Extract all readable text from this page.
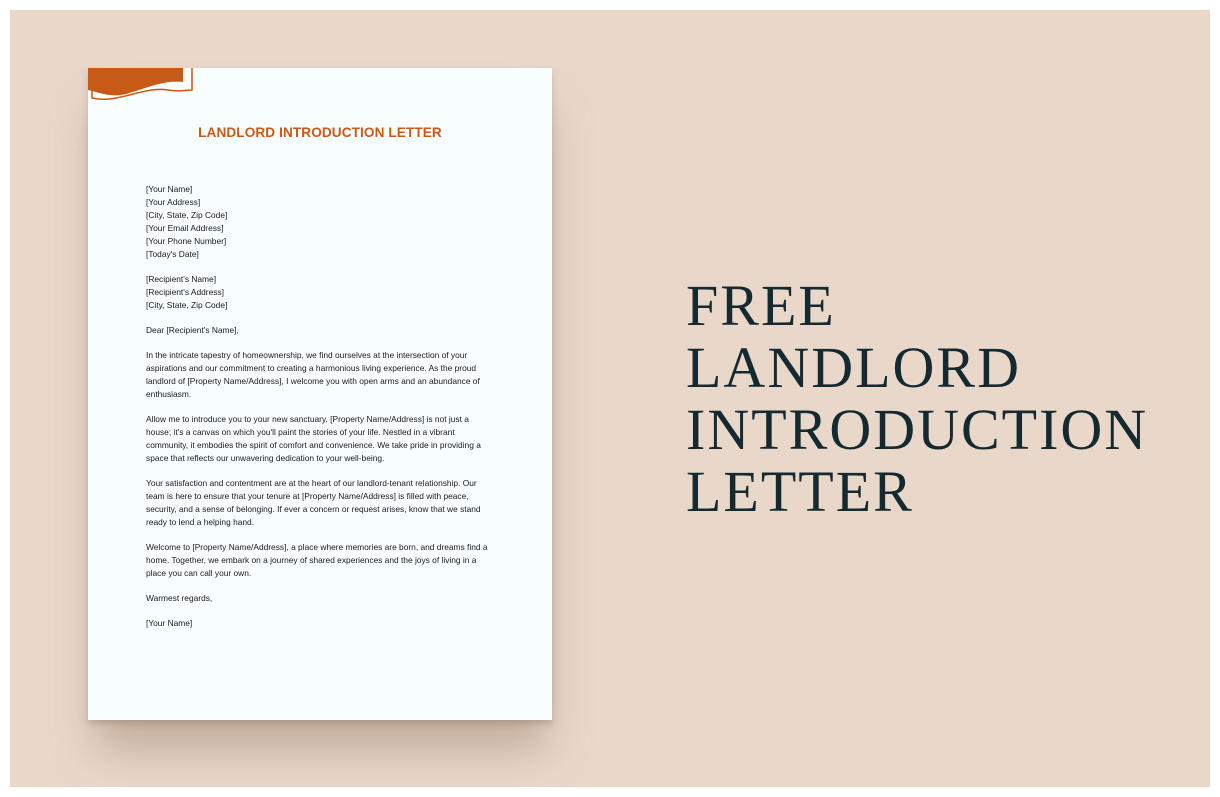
LANDLORD INTRODUCTION LETTER
[Your Name]
[Your Address]
[City, State, Zip Code]
[Your Email Address]
[Your Phone Number]
[Today's Date]
[Recipient's Name]
[Recipient's Address]
[City, State, Zip Code]
Dear [Recipient's Name],
In the intricate tapestry of homeownership, we find ourselves at the intersection of your
aspirations and our commitment to creating a harmonious living experience. As the proud
landlord of [Property Name/Address], I welcome you with open arms and an abundance of
enthusiasm.
Allow me to introduce you to your new sanctuary. [Property Name/Address] is not just a
house; it's a canvas on which you'll paint the stories of your life. Nestled in a vibrant
community, it embodies the spirit of comfort and convenience. We take pride in providing a
space that reflects our unwavering dedication to your well-being.
Your satisfaction and contentment are at the heart of our landlord-tenant relationship. Our
team is here to ensure that your tenure at [Property Name/Address] is filled with peace,
security, and a sense of belonging. If ever a concern or request arises, know that we stand
ready to lend a helping hand.
Welcome to [Property Name/Address], a place where memories are born, and dreams find a
home. Together, we embark on a journey of shared experiences and the joys of living in a
place you can call your own.
Warmest regards,
[Your Name]
FREE
LANDLORD
INTRODUCTION
LETTER
